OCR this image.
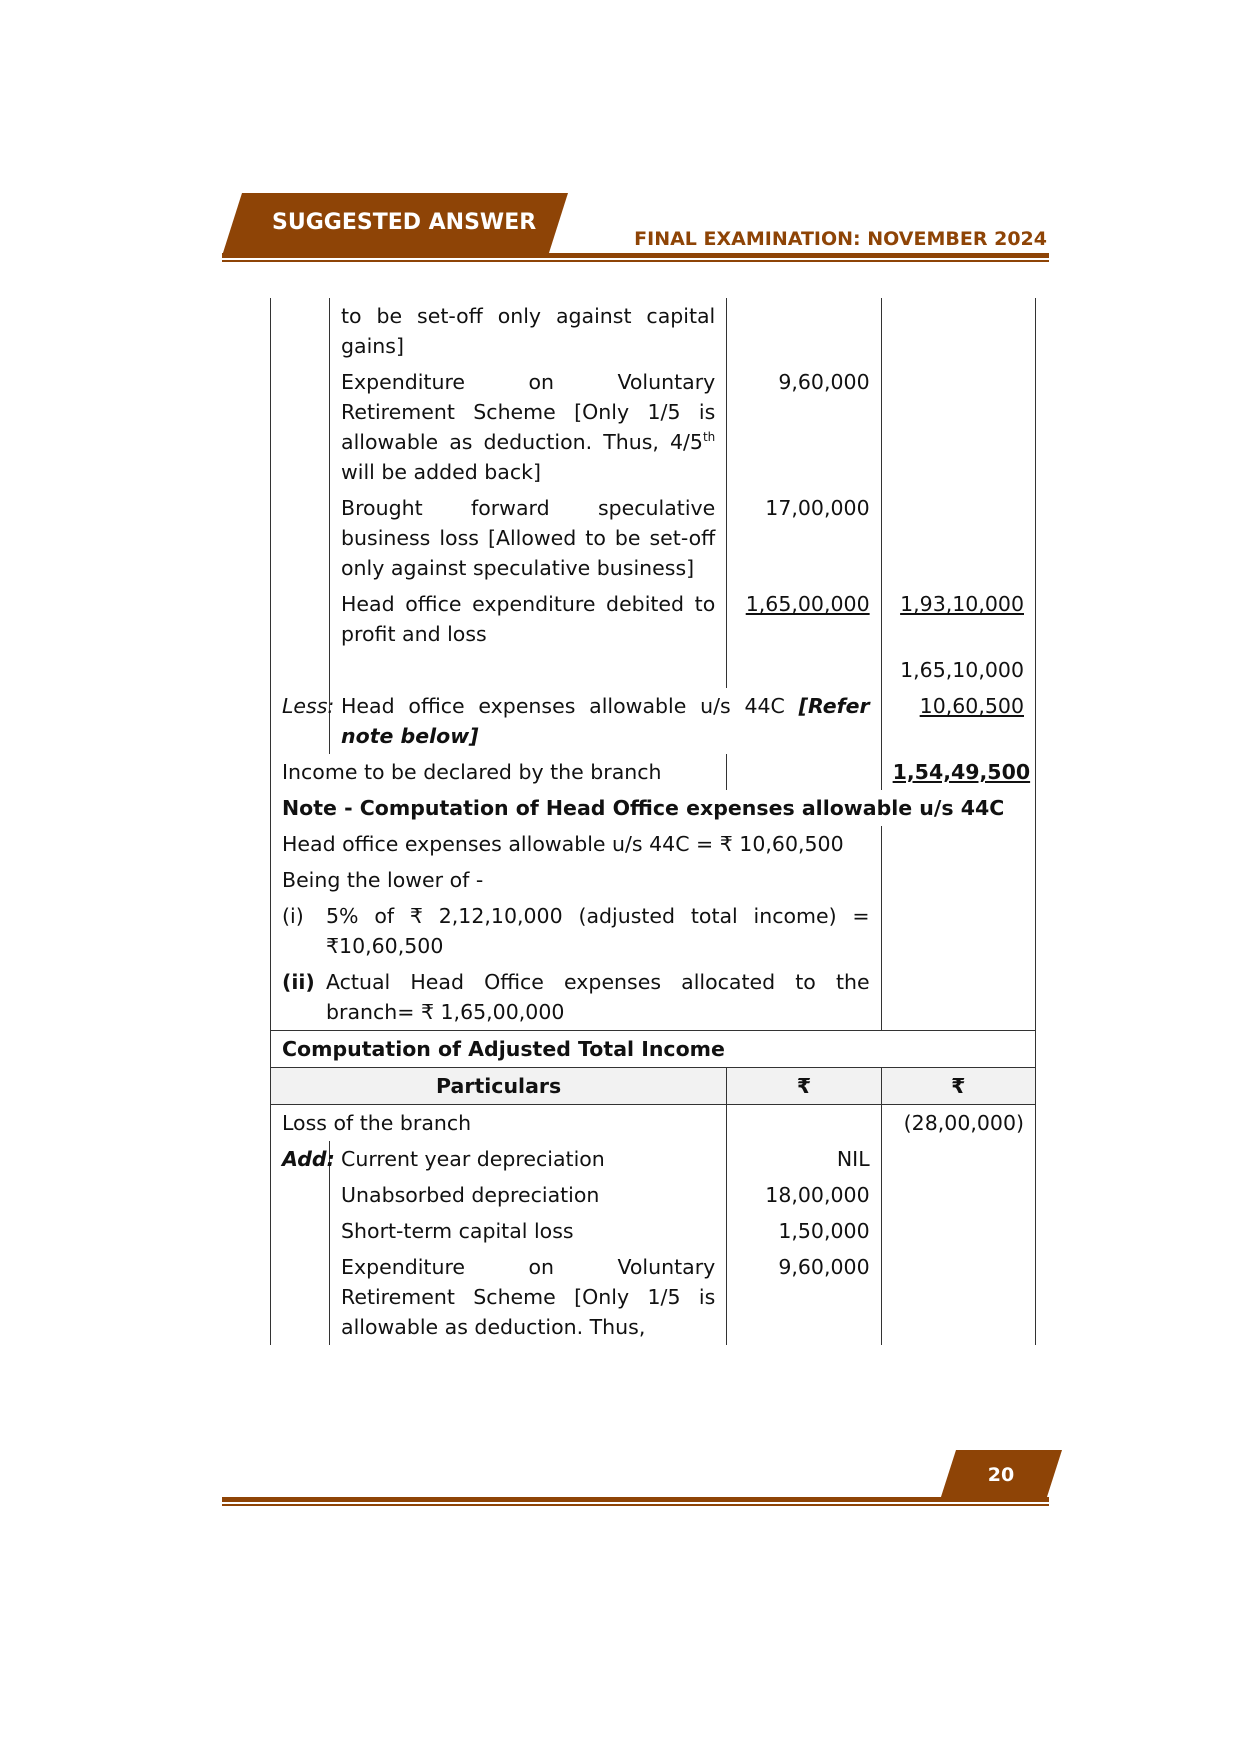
SUGGESTED ANSWER
FINAL EXAMINATION: NOVEMBER 2024
	to be set-off only against capital gains]		
	Expenditure on Voluntary Retirement Scheme [Only 1/5 is allowable as deduction. Thus, 4/5th will be added back]	9,60,000	
	Brought forward speculative business loss [Allowed to be set-off only against speculative business]	17,00,000	
	Head office expenditure debited to profit and loss	1,65,00,000	1,93,10,000
			1,65,10,000
Less:	Head office expenses allowable u/s 44C [Refer note below]		10,60,500
Income to be declared by the branch			1,54,49,500
Note - Computation of Head Office expenses allowable u/s 44C			
Head office expenses allowable u/s 44C = ₹ 10,60,500			
Being the lower of -			

(i) 5% of ₹ 2,12,10,000 (adjusted total income) = ₹10,60,500			

(ii) Actual Head Office expenses allocated to the branch= ₹ 1,65,00,000			

Computation of Adjusted Total Income			
Particulars		₹	₹
Loss of the branch			(28,00,000)
Add:	Current year depreciation	NIL	
	Unabsorbed depreciation	18,00,000	
	Short-term capital loss	1,50,000	
	Expenditure on Voluntary Retirement Scheme [Only 1/5 is allowable as deduction. Thus,	9,60,000	
20
